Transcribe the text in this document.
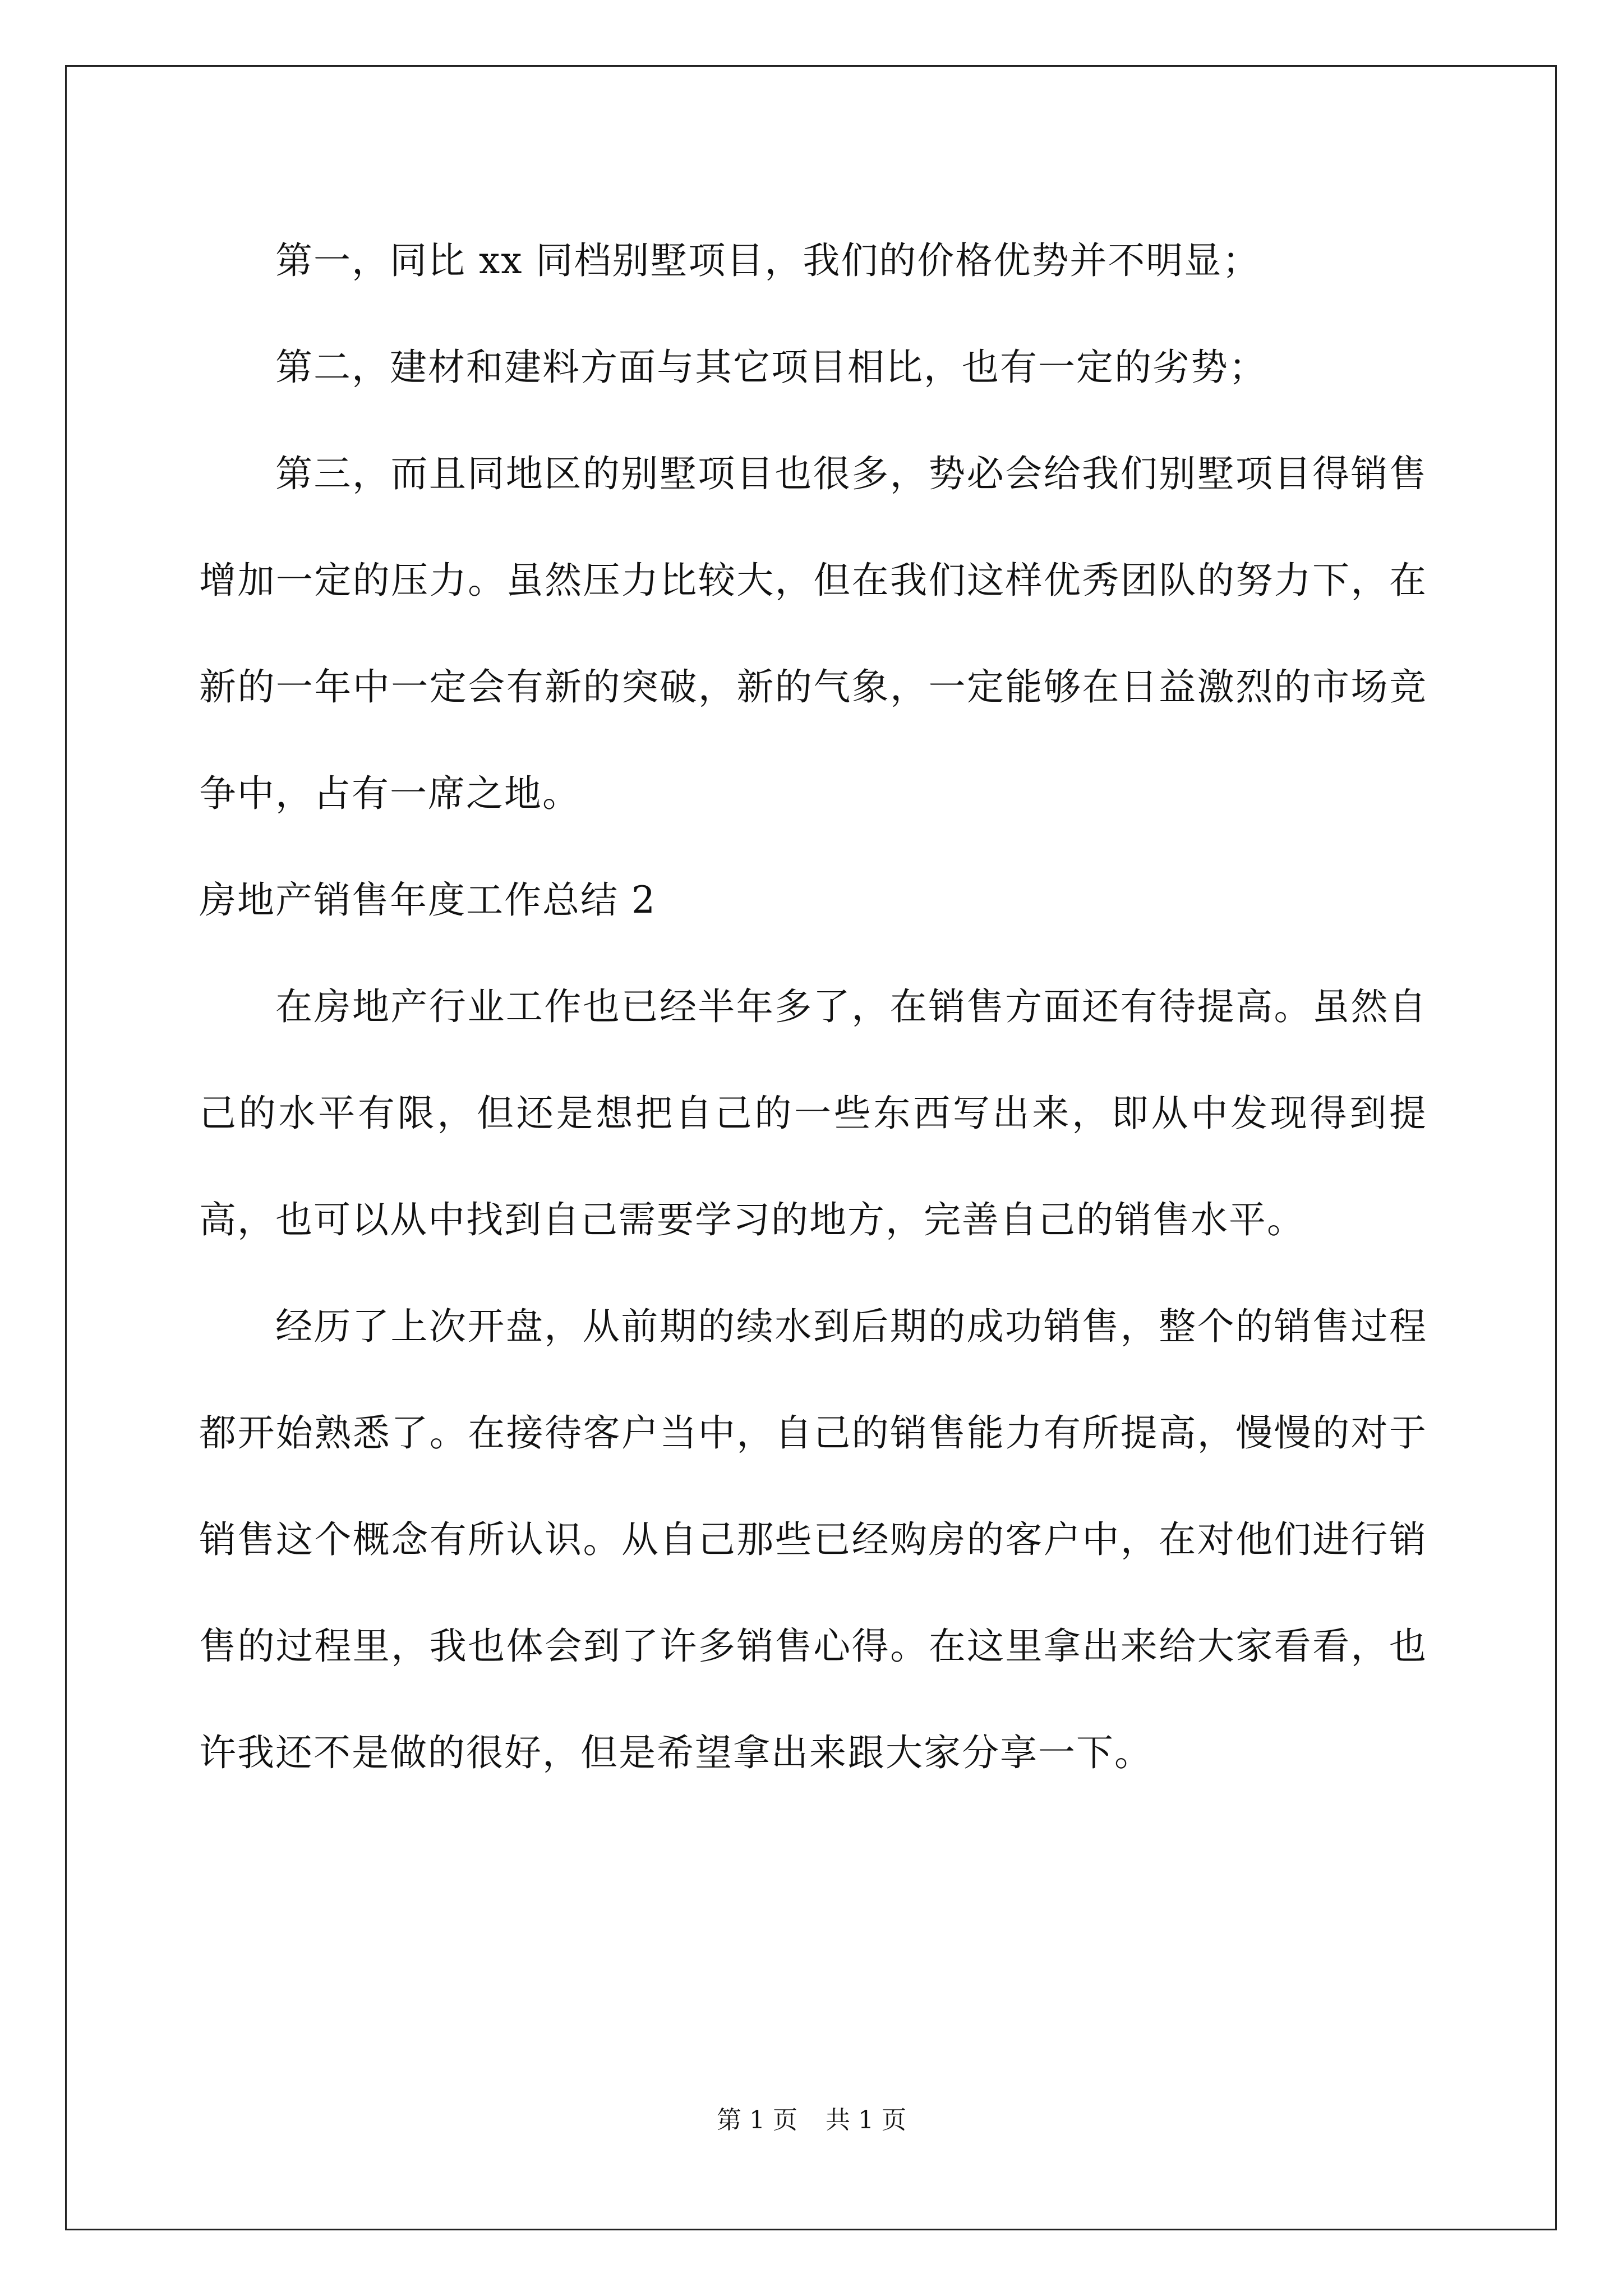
第一，同比 xx 同档别墅项目，我们的价格优势并不明显；

第二，建材和建料方面与其它项目相比，也有一定的劣势；

第三，而且同地区的别墅项目也很多，势必会给我们别墅项目得销售增加一定的压力。虽然压力比较大，但在我们这样优秀团队的努力下，在新的一年中一定会有新的突破，新的气象，一定能够在日益激烈的市场竞争中，占有一席之地。

房地产销售年度工作总结 2

在房地产行业工作也已经半年多了，在销售方面还有待提高。虽然自己的水平有限，但还是想把自己的一些东西写出来，即从中发现得到提高，也可以从中找到自己需要学习的地方，完善自己的销售水平。

经历了上次开盘，从前期的续水到后期的成功销售，整个的销售过程都开始熟悉了。在接待客户当中，自己的销售能力有所提高，慢慢的对于销售这个概念有所认识。从自己那些已经购房的客户中，在对他们进行销售的过程里，我也体会到了许多销售心得。在这里拿出来给大家看看，也许我还不是做的很好，但是希望拿出来跟大家分享一下。

第 1 页 共 1 页
